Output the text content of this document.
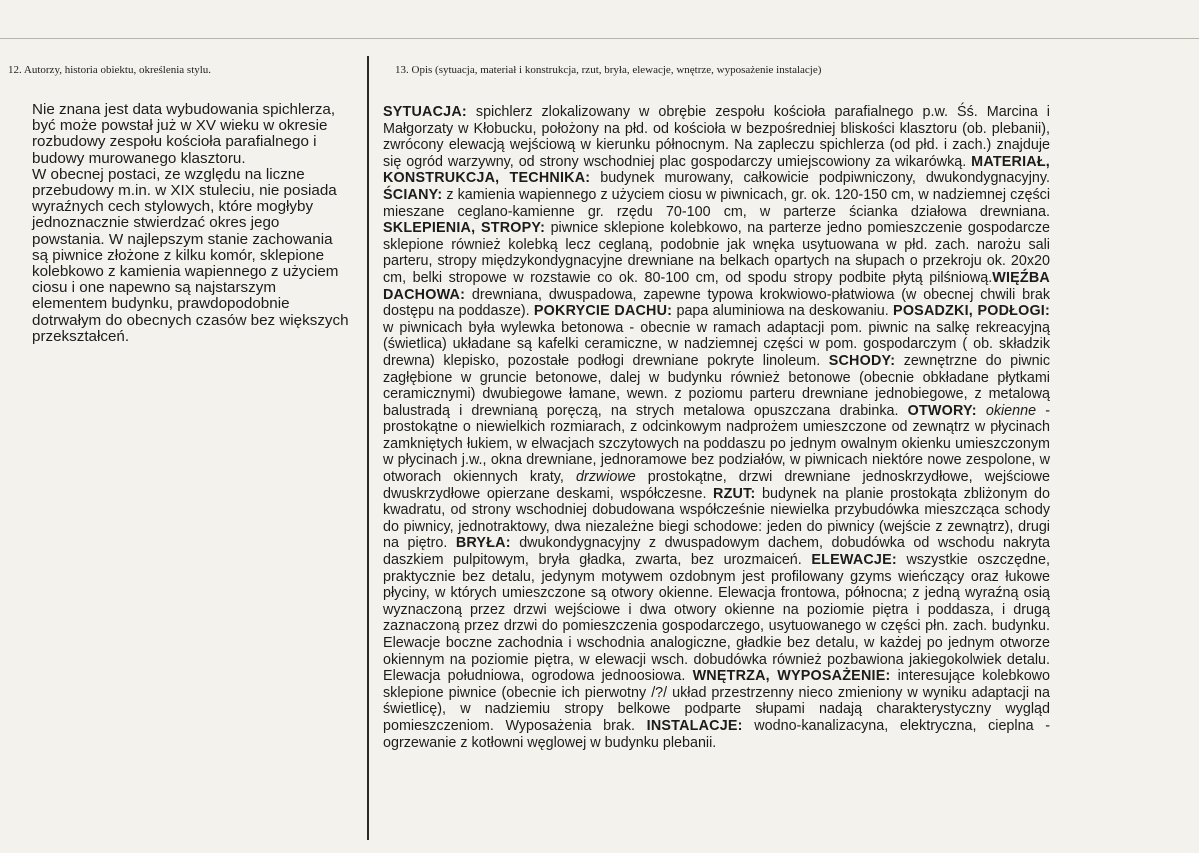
12. Autorzy, historia obiektu, określenia stylu.	13. Opis (sytuacja, materiał i konstrukcja, rzut, bryła, elewacje, wnętrze, wyposażenie instalacje)

Nie znana jest data wybudowania spichlerza, być może powstał już w XV wieku w okresie rozbudowy zespołu kościoła parafialnego i budowy murowanego klasztoru.

W obecnej postaci, ze względu na liczne przebudowy m.in. w XIX stuleciu, nie posiada wyraźnych cech stylowych, które mogłyby jednoznacznie stwierdzać okres jego powstania. W najlepszym stanie zachowania są piwnice złożone z kilku komór, sklepione kolebkowo z kamienia wapiennego z użyciem ciosu i one napewno są najstarszym elementem budynku, prawdopodobnie dotrwałym do obecnych czasów bez większych przekształceń.

SYTUACJA: spichlerz zlokalizowany w obrębie zespołu kościoła parafialnego p.w. Śś. Marcina i Małgorzaty w Kłobucku, położony na płd. od kościoła w bezpośredniej bliskości klasztoru (ob. plebanii), zwrócony elewacją wejściową w kierunku północnym. Na zapleczu spichlerza (od płd. i zach.) znajduje się ogród warzywny, od strony wschodniej plac gospodarczy umiejscowiony za wikarówką. MATERIAŁ, KONSTRUKCJA, TECHNIKA: budynek murowany, całkowicie podpiwniczony, dwukondygnacyjny. ŚCIANY: z kamienia wapiennego z użyciem ciosu w piwnicach, gr. ok. 120-150 cm, w nadziemnej części mieszane ceglano-kamienne gr. rzędu 70-100 cm, w parterze ścianka działowa drewniana. SKLEPIENIA, STROPY: piwnice sklepione kolebkowo, na parterze jedno pomieszczenie gospodarcze sklepione również kolebką lecz ceglaną, podobnie jak wnęka usytuowana w płd. zach. narożu sali parteru, stropy międzykondygnacyjne drewniane na belkach opartych na słupach o przekroju ok. 20x20 cm, belki stropowe w rozstawie co ok. 80-100 cm, od spodu stropy podbite płytą pilśniową.WIĘŹBA DACHOWA: drewniana, dwuspadowa, zapewne typowa krokwiowo-płatwiowa (w obecnej chwili brak dostępu na poddasze). POKRYCIE DACHU: papa aluminiowa na deskowaniu. POSADZKI, PODŁOGI: w piwnicach była wylewka betonowa - obecnie w ramach adaptacji pom. piwnic na salkę rekreacyjną (świetlica) układane są kafelki ceramiczne, w nadziemnej części w pom. gospodarczym ( ob. składzik drewna) klepisko, pozostałe podłogi drewniane pokryte linoleum. SCHODY: zewnętrzne do piwnic zagłębione w gruncie betonowe, dalej w budynku również betonowe (obecnie obkładane płytkami ceramicznymi) dwubiegowe łamane, wewn. z poziomu parteru drewniane jednobiegowe, z metalową balustradą i drewnianą poręczą, na strych metalowa opuszczana drabinka. OTWORY: okienne - prostokątne o niewielkich rozmiarach, z odcinkowym nadprożem umieszczone od zewnątrz w płycinach zamkniętych łukiem, w elwacjach szczytowych na poddaszu po jednym owalnym okienku umieszczonym w płycinach j.w., okna drewniane, jednoramowe bez podziałów, w piwnicach niektóre nowe zespolone, w otworach okiennych kraty, drzwiowe prostokątne, drzwi drewniane jednoskrzydłowe, wejściowe dwuskrzydłowe opierzane deskami, współczesne. RZUT: budynek na planie prostokąta zbliżonym do kwadratu, od strony wschodniej dobudowana współcześnie niewielka przybudówka mieszcząca schody do piwnicy, jednotraktowy, dwa niezależne biegi schodowe: jeden do piwnicy (wejście z zewnątrz), drugi na piętro. BRYŁA: dwukondygnacyjny z dwuspadowym dachem, dobudówka od wschodu nakryta daszkiem pulpitowym, bryła gładka, zwarta, bez urozmaiceń. ELEWACJE: wszystkie oszczędne, praktycznie bez detalu, jedynym motywem ozdobnym jest profilowany gzyms wieńczący oraz łukowe płyciny, w których umieszczone są otwory okienne. Elewacja frontowa, północna; z jedną wyraźną osią wyznaczoną przez drzwi wejściowe i dwa otwory okienne na poziomie piętra i poddasza, i drugą zaznaczoną przez drzwi do pomieszczenia gospodarczego, usytuowanego w części płn. zach. budynku. Elewacje boczne zachodnia i wschodnia analogiczne, gładkie bez detalu, w każdej po jednym otworze okiennym na poziomie piętra, w elewacji wsch. dobudówka również pozbawiona jakiegokolwiek detalu. Elewacja południowa, ogrodowa jednoosiowa. WNĘTRZA, WYPOSAŻENIE: interesujące kolebkowo sklepione piwnice (obecnie ich pierwotny /?/ układ przestrzenny nieco zmieniony w wyniku adaptacji na świetlicę), w nadziemiu stropy belkowe podparte słupami nadają charakterystyczny wygląd pomieszczeniom. Wyposażenia brak. INSTALACJE: wodno-kanalizacyna, elektryczna, cieplna - ogrzewanie z kotłowni węglowej w budynku plebanii.
